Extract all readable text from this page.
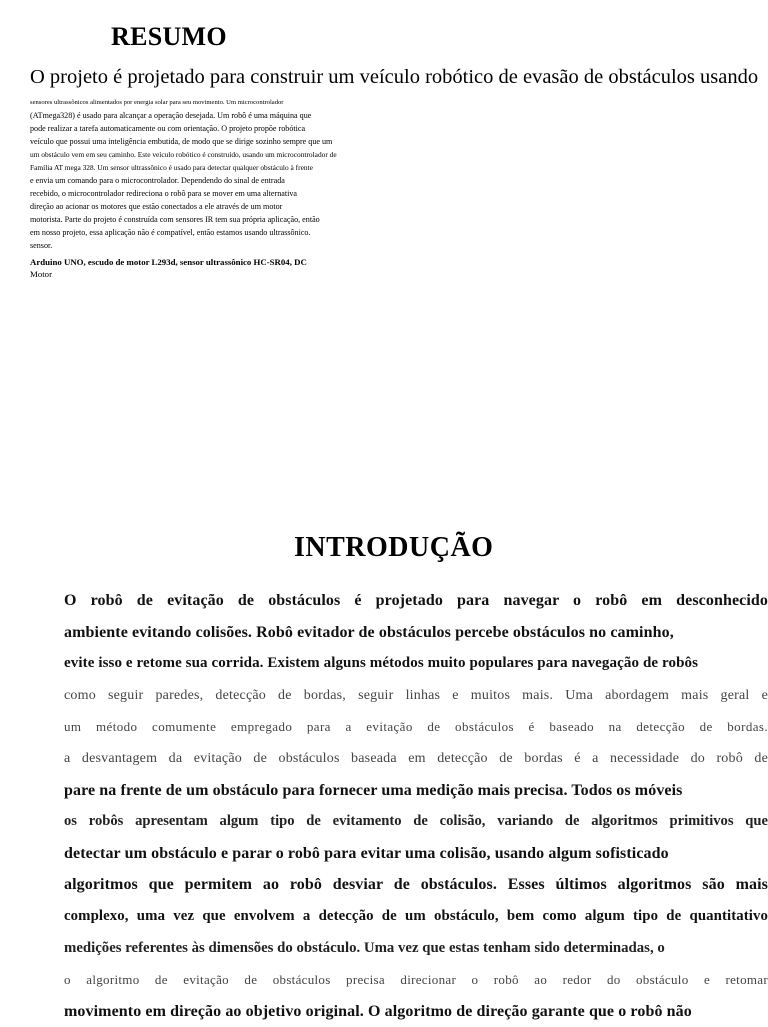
RESUMO
O projeto é projetado para construir um veículo robótico de evasão de obstáculos usando
sensores ultrassônicos alimentados por energia solar para seu movimento. Um microcontrolador
(ATmega328) é usado para alcançar a operação desejada. Um robô é uma máquina que
pode realizar a tarefa automaticamente ou com orientação. O projeto propõe robótica
veículo que possui uma inteligência embutida, de modo que se dirige sozinho sempre que um
um obstáculo vem em seu caminho. Este veículo robótico é construído, usando um microcontrolador de
Família AT mega 328. Um sensor ultrassônico é usado para detectar qualquer obstáculo à frente
e envia um comando para o microcontrolador. Dependendo do sinal de entrada
recebido, o microcontrolador redireciona o robô para se mover em uma alternativa
direção ao acionar os motores que estão conectados a ele através de um motor
motorista. Parte do projeto é construída com sensores IR tem sua própria aplicação, então
em nosso projeto, essa aplicação não é compatível, então estamos usando ultrassônico.
sensor.
Arduino UNO, escudo de motor L293d, sensor ultrassônico HC-SR04, DC
Motor
INTRODUÇÃO
O robô de evitação de obstáculos é projetado para navegar o robô em desconhecido
ambiente evitando colisões. Robô evitador de obstáculos percebe obstáculos no caminho,
evite isso e retome sua corrida. Existem alguns métodos muito populares para navegação de robôs
como seguir paredes, detecção de bordas, seguir linhas e muitos mais. Uma abordagem mais geral e
um método comumente empregado para a evitação de obstáculos é baseado na detecção de bordas.
a desvantagem da evitação de obstáculos baseada em detecção de bordas é a necessidade do robô de
pare na frente de um obstáculo para fornecer uma medição mais precisa. Todos os móveis
os robôs apresentam algum tipo de evitamento de colisão, variando de algoritmos primitivos que
detectar um obstáculo e parar o robô para evitar uma colisão, usando algum sofisticado
algoritmos que permitem ao robô desviar de obstáculos. Esses últimos algoritmos são mais
complexo, uma vez que envolvem a detecção de um obstáculo, bem como algum tipo de quantitativo
medições referentes às dimensões do obstáculo. Uma vez que estas tenham sido determinadas, o
o algoritmo de evitação de obstáculos precisa direcionar o robô ao redor do obstáculo e retomar
movimento em direção ao objetivo original. O algoritmo de direção garante que o robô não
